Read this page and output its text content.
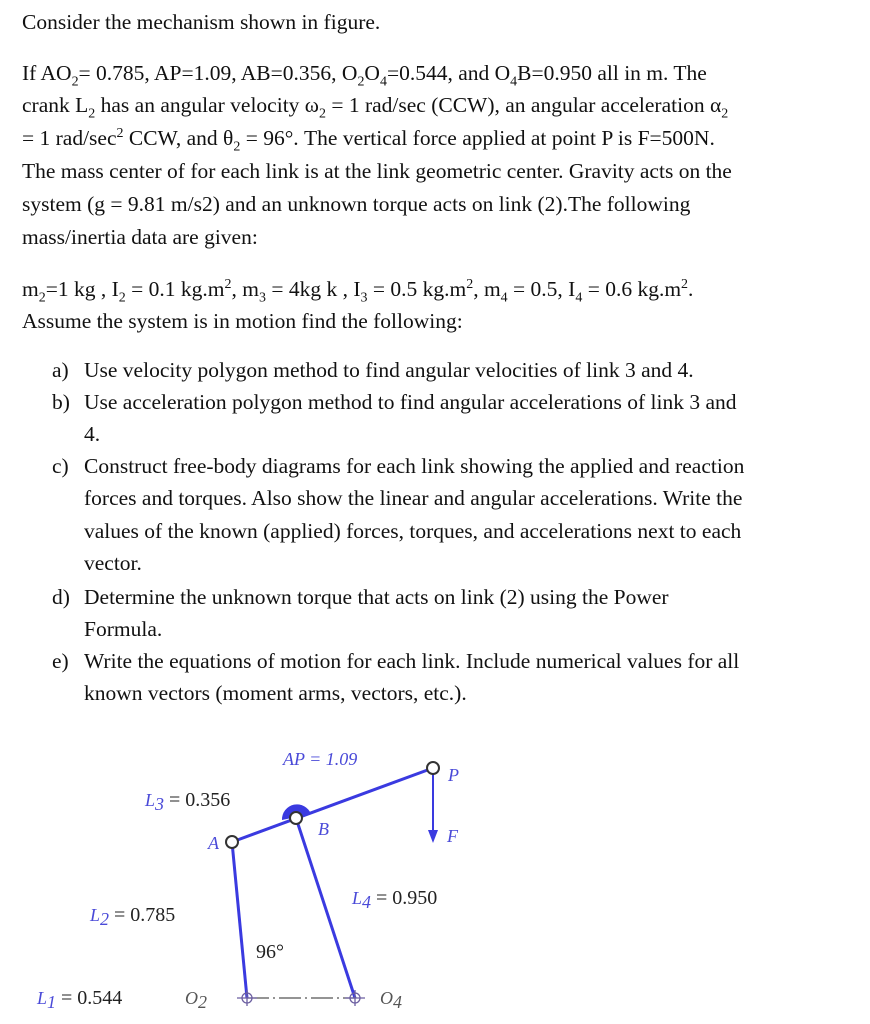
Consider the mechanism shown in figure.
If $AO_2= 0.785$, AP=1.09, AB=0.356, $O_2O_4=0.544$, and $O_4B=0.950$ all in m. The
crank $L_2$ has an angular velocity $\omega_2 = 1$ rad/sec (CCW), an angular acceleration $\alpha_2$
= 1 rad/$\sec^2$ CCW, and $\theta_2 = 96^\circ$. The vertical force applied at point P is F=500N.
The mass center of for each link is at the link geometric center. Gravity acts on the
system (g = 9.81 m/s2) and an unknown torque acts on link (2).The following
mass/inertia data are given:
$m_2=1$ kg , $I_2 = 0.1$ $kg.m^2$, $m_3 = 4kg$ k , $I_3 = 0.5$ $kg.m^2$, $m_4 = 0.5$, $I_4 = 0.6$ $kg.m^2$.
Assume the system is in motion find the following:
a) Use velocity polygon method to find angular velocities of link 3 and 4.
b) Use acceleration polygon method to find angular accelerations of link 3 and
4.
c) Construct free-body diagrams for each link showing the applied and reaction
forces and torques. Also show the linear and angular accelerations. Write the
values of the known (applied) forces, torques, and accelerations next to each
vector.
d) Determine the unknown torque that acts on link (2) using the Power
Formula.
e) Write the equations of motion for each link. Include numerical values for all
known vectors (moment arms, vectors, etc.).
AP = 1.09
L3 = 0.356
L2 = 0.785
L4 = 0.950
L1 = 0.544
96°
A
B
P
F
O2	O4
